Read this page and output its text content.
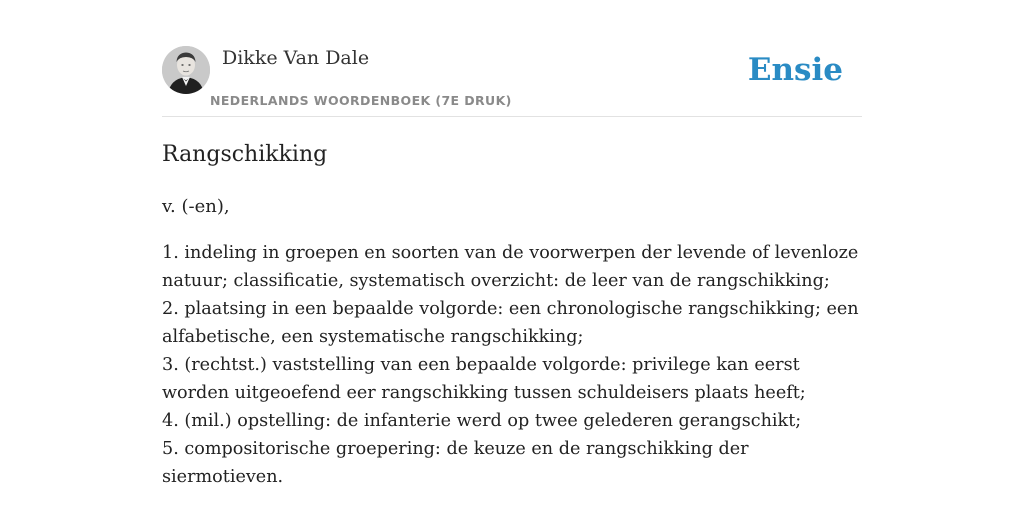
Dikke Van Dale
NEDERLANDS WOORDENBOEK (7E DRUK)
Ensie
Rangschikking
v. (-en),
1. indeling in groepen en soorten van de voorwerpen der levende of levenloze natuur; classificatie, systematisch overzicht: de leer van de rangschikking;
2. plaatsing in een bepaalde volgorde: een chronologische rangschikking; een alfabetische, een systematische rangschikking;
3. (rechtst.) vaststelling van een bepaalde volgorde: privilege kan eerst worden uitgeoefend eer rangschikking tussen schuldeisers plaats heeft;
4. (mil.) opstelling: de infanterie werd op twee gelederen gerangschikt;
5. compositorische groepering: de keuze en de rangschikking der siermotieven.
